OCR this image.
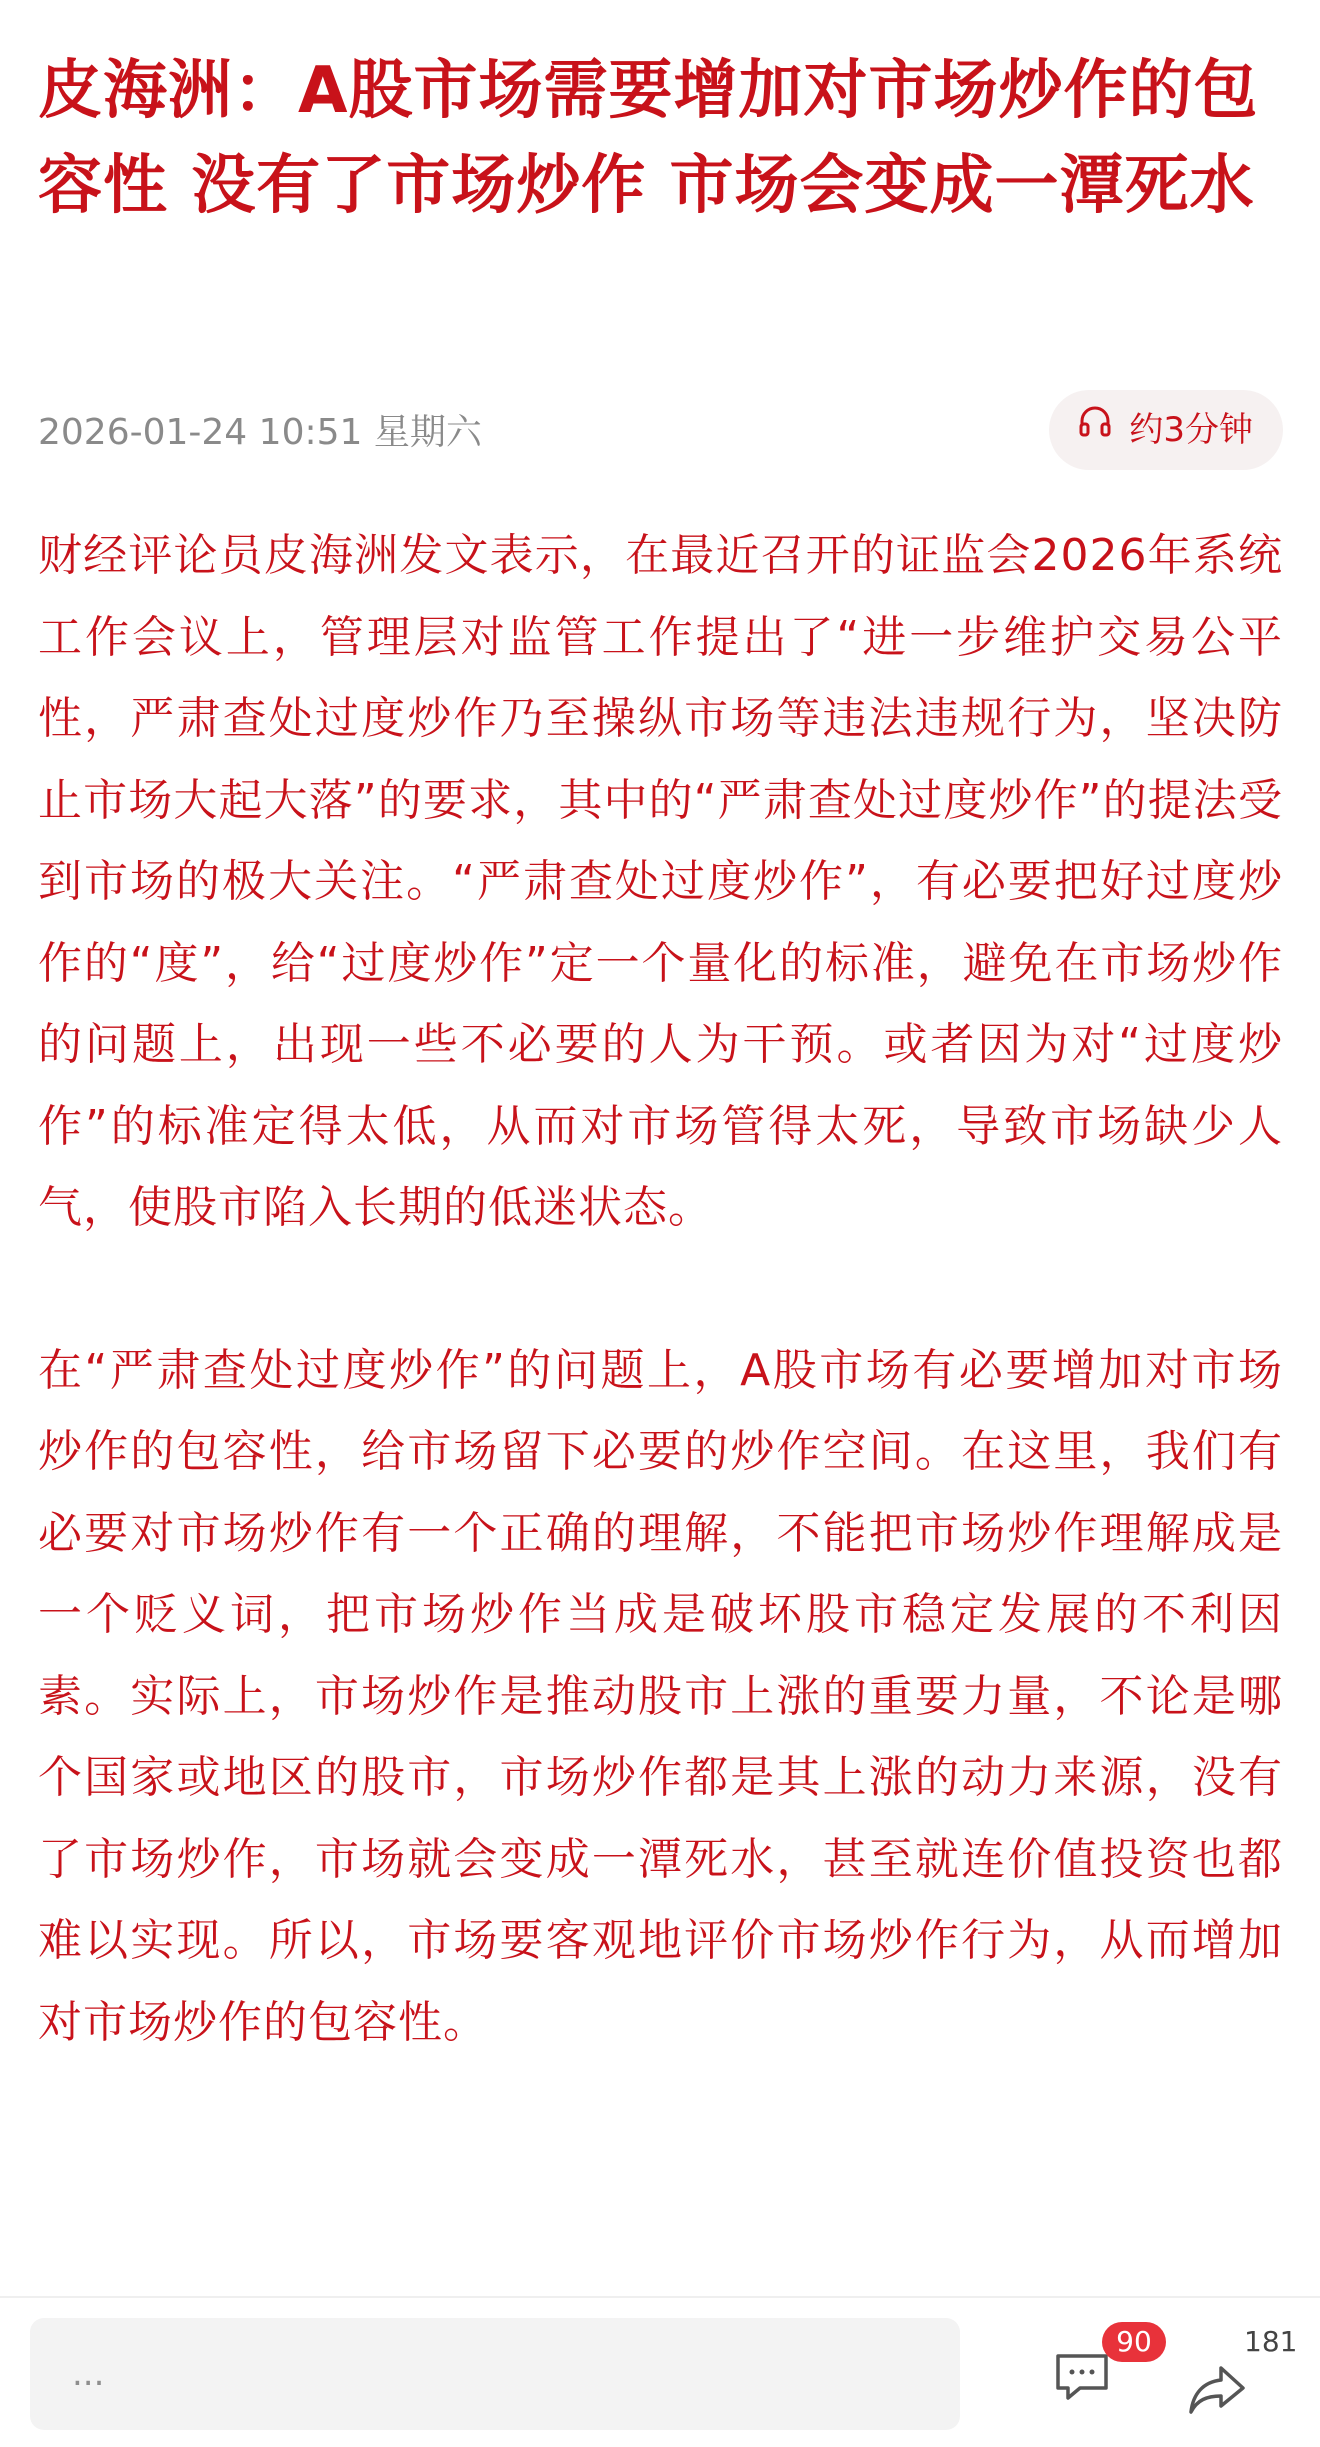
皮海洲：A股市场需要增加对市场炒作的包容性 没有了市场炒作 市场会变成一潭死水
2026-01-24 10:51 星期六	约3分钟

财经评论员皮海洲发文表示，在最近召开的证监会2026年系统工作会议上，管理层对监管工作提出了“进一步维护交易公平性，严肃查处过度炒作乃至操纵市场等违法违规行为，坚决防止市场大起大落”的要求，其中的“严肃查处过度炒作”的提法受到市场的极大关注。“严肃查处过度炒作”，有必要把好过度炒作的“度”，给“过度炒作”定一个量化的标准，避免在市场炒作的问题上，出现一些不必要的人为干预。或者因为对“过度炒作”的标准定得太低，从而对市场管得太死，导致市场缺少人气，使股市陷入长期的低迷状态。

在“严肃查处过度炒作”的问题上，A股市场有必要增加对市场炒作的包容性，给市场留下必要的炒作空间。在这里，我们有必要对市场炒作有一个正确的理解，不能把市场炒作理解成是一个贬义词，把市场炒作当成是破坏股市稳定发展的不利因素。实际上，市场炒作是推动股市上涨的重要力量，不论是哪个国家或地区的股市，市场炒作都是其上涨的动力来源，没有了市场炒作，市场就会变成一潭死水，甚至就连价值投资也都难以实现。所以，市场要客观地评价市场炒作行为，从而增加对市场炒作的包容性。

...
90	181
